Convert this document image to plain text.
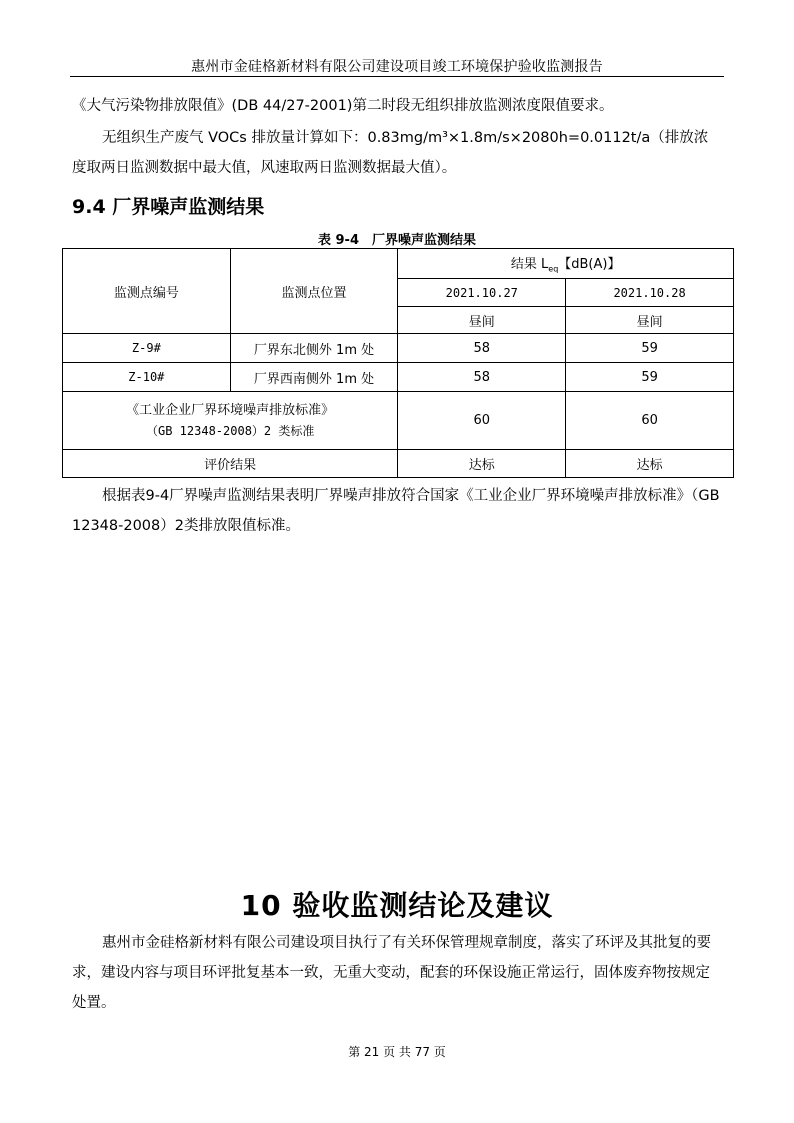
惠州市金硅格新材料有限公司建设项目竣工环境保护验收监测报告
《大气污染物排放限值》(DB 44/27-2001)第二时段无组织排放监测浓度限值要求。
无组织生产废气 VOCs 排放量计算如下：0.83mg/m³×1.8m/s×2080h=0.0112t/a（排放浓度取两日监测数据中最大值，风速取两日监测数据最大值）。
9.4 厂界噪声监测结果
表 9-4　厂界噪声监测结果
监测点编号	监测点位置	结果 $L_{eq}$【dB(A)】	
		2021.10.27	2021.10.28
		昼间	昼间
Z-9#	厂界东北侧外 1m 处	58	59
Z-10#	厂界西南侧外 1m 处	58	59

《工业企业厂界环境噪声排放标准》
（GB 12348-2008）2 类标准		60	60
评价结果		达标	达标
根据表9-4厂界噪声监测结果表明厂界噪声排放符合国家《工业企业厂界环境噪声排放标准》（GB 12348-2008）2类排放限值标准。
10 验收监测结论及建议
惠州市金硅格新材料有限公司建设项目执行了有关环保管理规章制度，落实了环评及其批复的要求，建设内容与项目环评批复基本一致，无重大变动，配套的环保设施正常运行，固体废弃物按规定处置。
第 21 页 共 77 页
